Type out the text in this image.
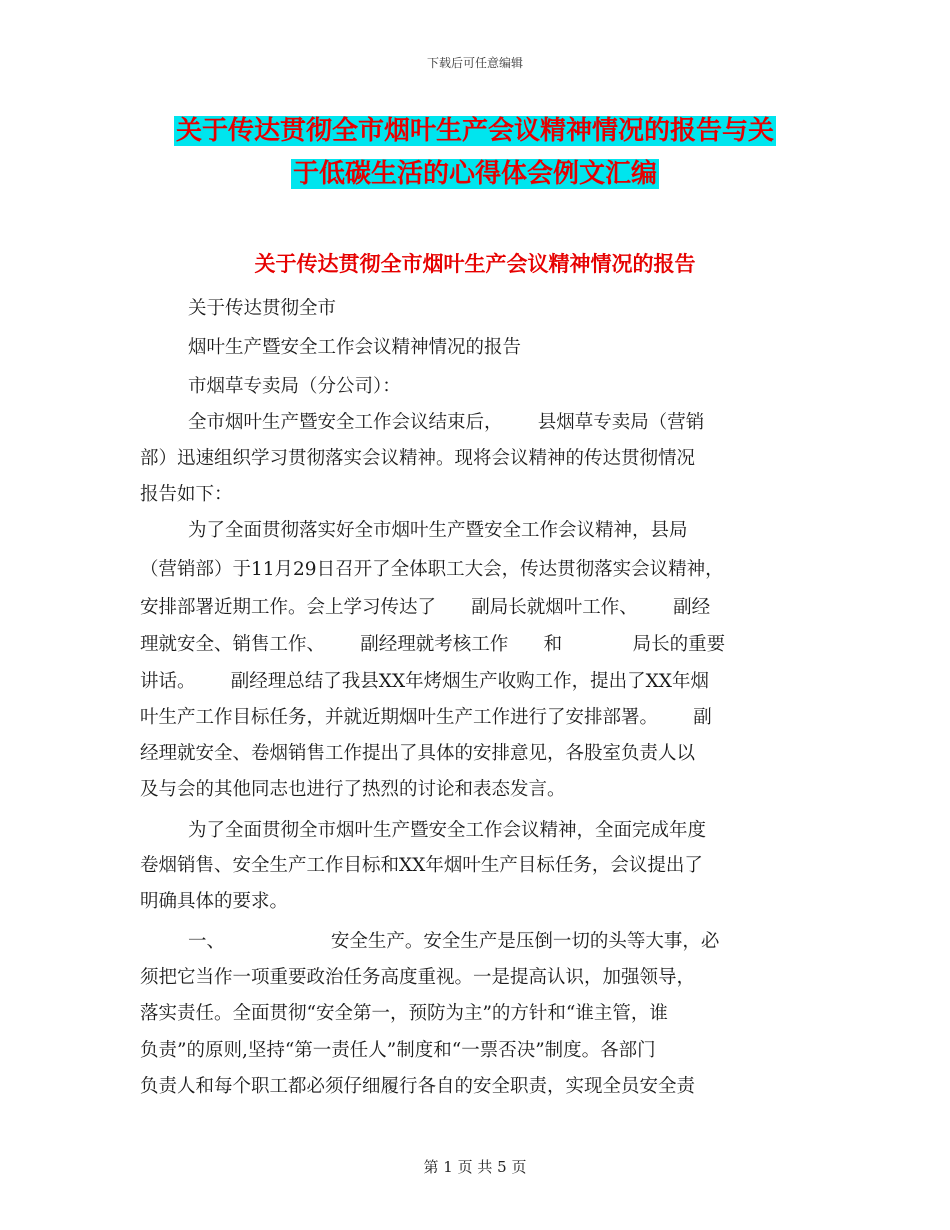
下载后可任意编辑
关于传达贯彻全市烟叶生产会议精神情况的报告与关
于低碳生活的心得体会例文汇编
关于传达贯彻全市烟叶生产会议精神情况的报告
关于传达贯彻全市
烟叶生产暨安全工作会议精神情况的报告
市烟草专卖局（分公司）：
全市烟叶生产暨安全工作会议结束后，      县烟草专卖局（营销
部）迅速组织学习贯彻落实会议精神。现将会议精神的传达贯彻情况
报告如下：
为了全面贯彻落实好全市烟叶生产暨安全工作会议精神，县局
（营销部）于11月29日召开了全体职工大会，传达贯彻落实会议精神，
安排部署近期工作。会上学习传达了      副局长就烟叶工作、      副经
理就安全、销售工作、      副经理就考核工作      和            局长的重要
讲话。      副经理总结了我县XX年烤烟生产收购工作，提出了XX年烟
叶生产工作目标任务，并就近期烟叶生产工作进行了安排部署。      副
经理就安全、卷烟销售工作提出了具体的安排意见，各股室负责人以
及与会的其他同志也进行了热烈的讨论和表态发言。
为了全面贯彻全市烟叶生产暨安全工作会议精神，全面完成年度
卷烟销售、安全生产工作目标和XX年烟叶生产目标任务，会议提出了
明确具体的要求。
一、                  安全生产。安全生产是压倒一切的头等大事，必
须把它当作一项重要政治任务高度重视。一是提高认识，加强领导，
落实责任。全面贯彻“安全第一，预防为主”的方针和“谁主管，谁
负责”的原则,坚持“第一责任人”制度和“一票否决”制度。各部门
负责人和每个职工都必须仔细履行各自的安全职责，实现全员安全责
第 1 页 共 5 页
